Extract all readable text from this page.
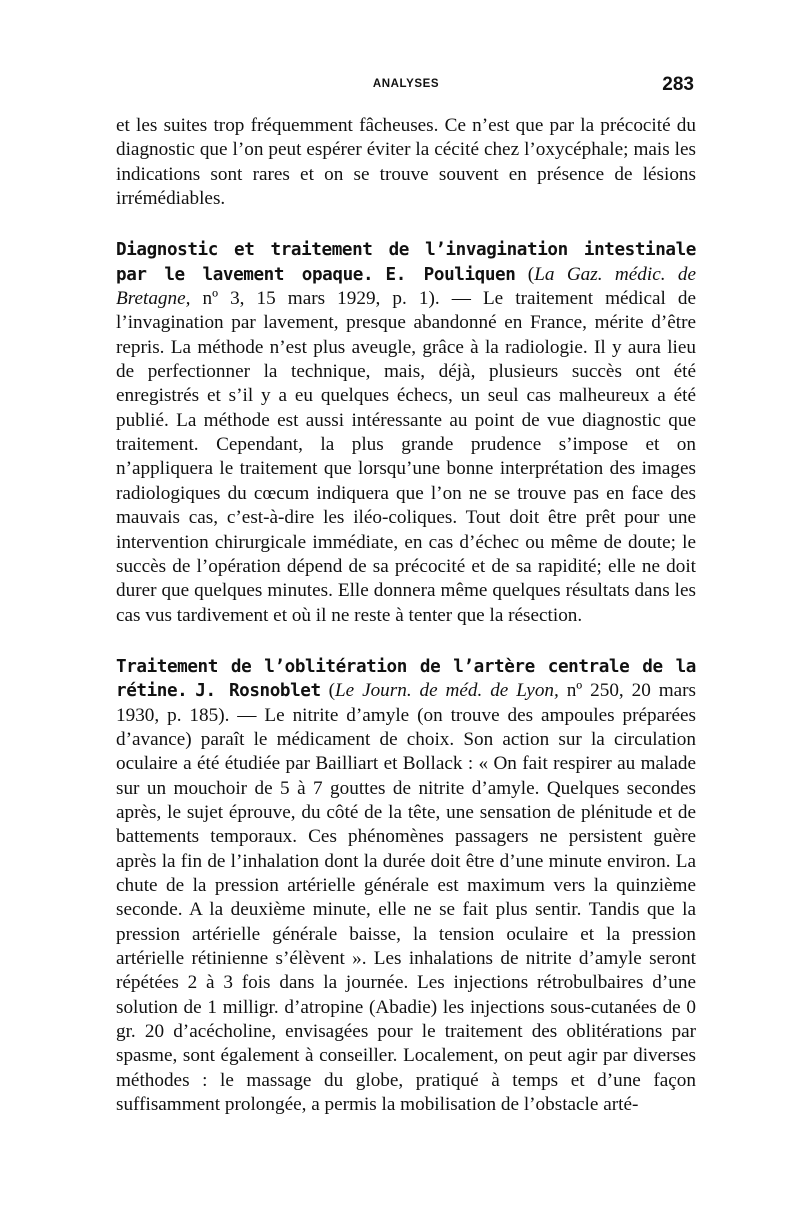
ANALYSES	283

et les suites trop fréquemment fâcheuses. Ce n’est que par la précocité du diagnostic que l’on peut espérer éviter la cécité chez l’oxycéphale; mais les indications sont rares et on se trouve souvent en présence de lésions irrémédiables.

Diagnostic et traitement de l’invagination intestinale par le lavement opaque. E. Pouliquen (La Gaz. médic. de Bretagne, nº 3, 15 mars 1929, p. 1). — Le traitement médical de l’invagination par lavement, presque abandonné en France, mérite d’être repris. La méthode n’est plus aveugle, grâce à la radiologie. Il y aura lieu de perfectionner la technique, mais, déjà, plusieurs succès ont été enregistrés et s’il y a eu quelques échecs, un seul cas malheureux a été publié. La méthode est aussi intéressante au point de vue diagnostic que traitement. Cependant, la plus grande prudence s’impose et on n’appliquera le traitement que lorsqu’une bonne interprétation des images radiologiques du cœcum indiquera que l’on ne se trouve pas en face des mauvais cas, c’est-à-dire les iléo-coliques. Tout doit être prêt pour une intervention chirurgicale immédiate, en cas d’échec ou même de doute; le succès de l’opération dépend de sa précocité et de sa rapidité; elle ne doit durer que quelques minutes. Elle donnera même quelques résultats dans les cas vus tardivement et où il ne reste à tenter que la résection.

Traitement de l’oblitération de l’artère centrale de la rétine. J. Rosnoblet (Le Journ. de méd. de Lyon, nº 250, 20 mars 1930, p. 185). — Le nitrite d’amyle (on trouve des ampoules préparées d’avance) paraît le médicament de choix. Son action sur la circulation oculaire a été étudiée par Bailliart et Bollack : « On fait respirer au malade sur un mouchoir de 5 à 7 gouttes de nitrite d’amyle. Quelques secondes après, le sujet éprouve, du côté de la tête, une sensation de plénitude et de battements temporaux. Ces phénomènes passagers ne persistent guère après la fin de l’inhalation dont la durée doit être d’une minute environ. La chute de la pression artérielle générale est maximum vers la quinzième seconde. A la deuxième minute, elle ne se fait plus sentir. Tandis que la pression artérielle générale baisse, la tension oculaire et la pression artérielle rétinienne s’élèvent ». Les inhalations de nitrite d’amyle seront répétées 2 à 3 fois dans la journée. Les injections rétrobulbaires d’une solution de 1 milligr. d’atropine (Abadie) les injections sous-cutanées de 0 gr. 20 d’acécholine, envisagées pour le traitement des oblitérations par spasme, sont également à conseiller. Localement, on peut agir par diverses méthodes : le massage du globe, pratiqué à temps et d’une façon suffisamment prolongée, a permis la mobilisation de l’obstacle arté-
